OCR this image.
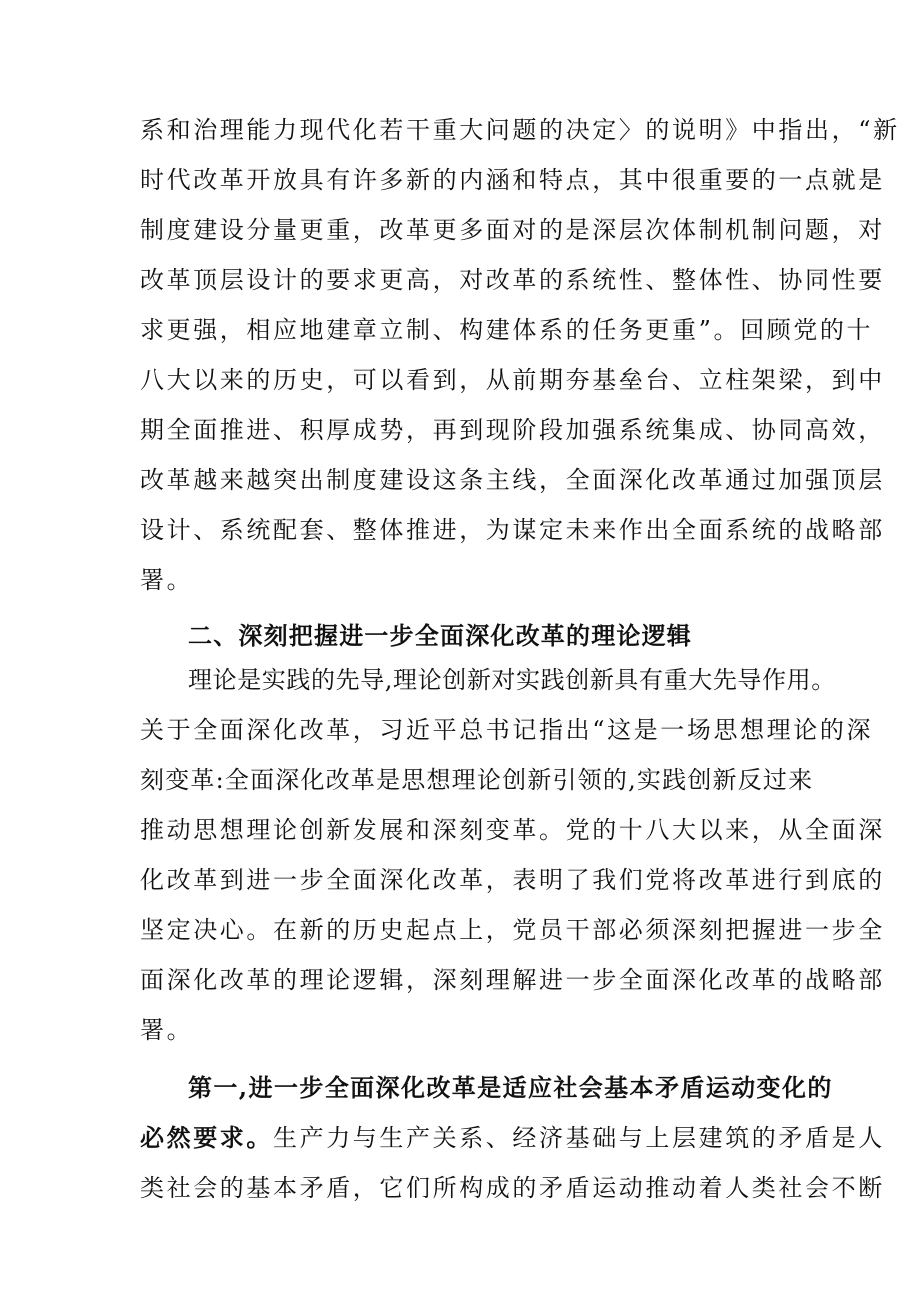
系和治理能力现代化若干重大问题的决定〉的说明》中指出，“新
时代改革开放具有许多新的内涵和特点，其中很重要的一点就是
制度建设分量更重，改革更多面对的是深层次体制机制问题，对
改革顶层设计的要求更高，对改革的系统性、整体性、协同性要
求更强，相应地建章立制、构建体系的任务更重”。回顾党的十
八大以来的历史，可以看到，从前期夯基垒台、立柱架梁，到中
期全面推进、积厚成势，再到现阶段加强系统集成、协同高效，
改革越来越突出制度建设这条主线，全面深化改革通过加强顶层
设计、系统配套、整体推进，为谋定未来作出全面系统的战略部
署。
二、深刻把握进一步全面深化改革的理论逻辑
理论是实践的先导,理论创新对实践创新具有重大先导作用。
关于全面深化改革，习近平总书记指出“这是一场思想理论的深
刻变革:全面深化改革是思想理论创新引领的,实践创新反过来
推动思想理论创新发展和深刻变革。党的十八大以来，从全面深
化改革到进一步全面深化改革，表明了我们党将改革进行到底的
坚定决心。在新的历史起点上，党员干部必须深刻把握进一步全
面深化改革的理论逻辑，深刻理解进一步全面深化改革的战略部
署。
第一,进一步全面深化改革是适应社会基本矛盾运动变化的
必然要求。生产力与生产关系、经济基础与上层建筑的矛盾是人
类社会的基本矛盾，它们所构成的矛盾运动推动着人类社会不断
